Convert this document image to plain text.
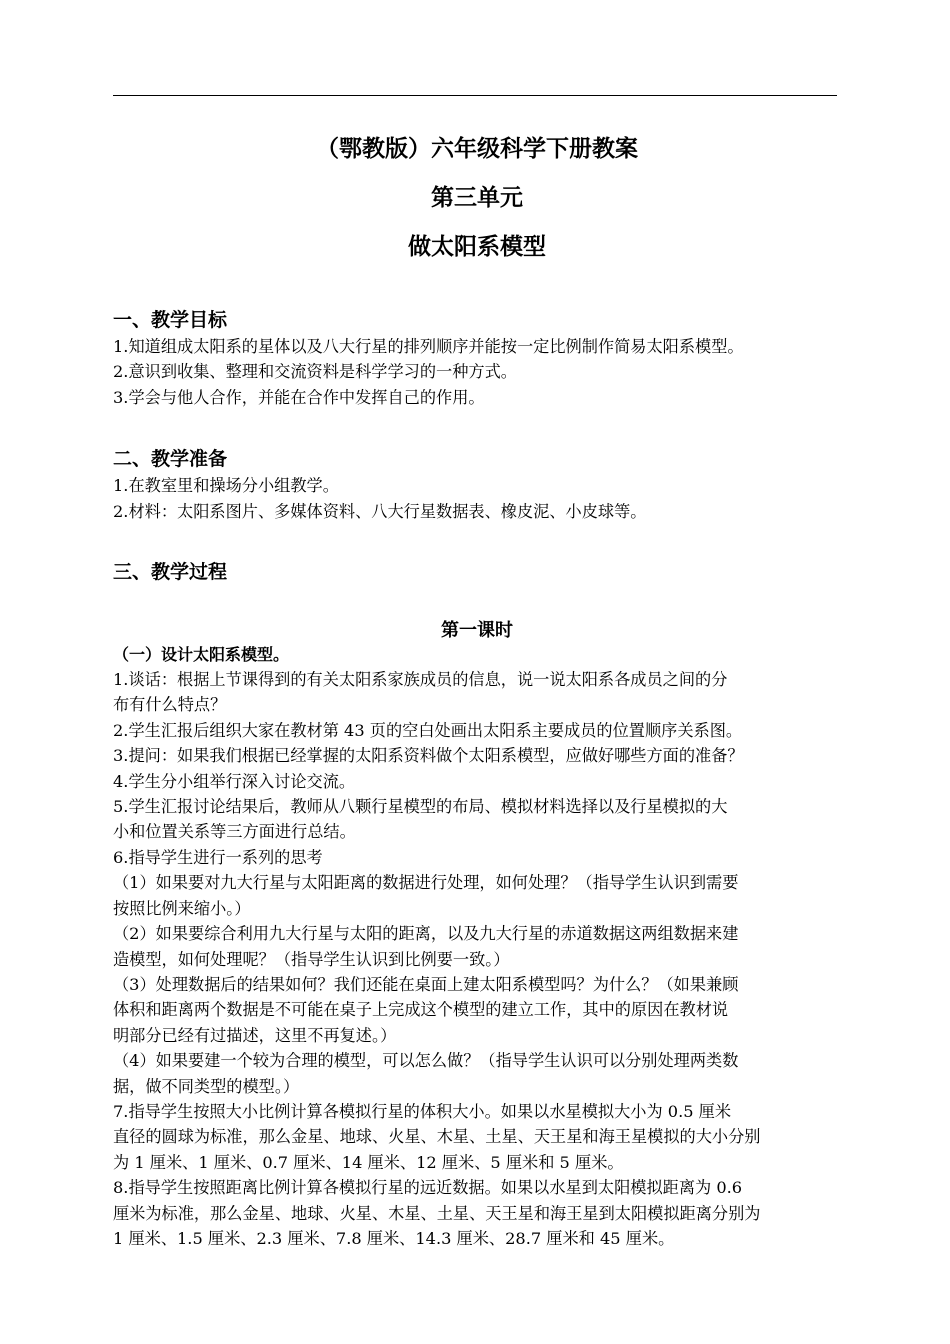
（鄂教版）六年级科学下册教案
第三单元
做太阳系模型
一、教学目标

1.知道组成太阳系的星体以及八大行星的排列顺序并能按一定比例制作简易太阳系模型。

2.意识到收集、整理和交流资料是科学学习的一种方式。

3.学会与他人合作，并能在合作中发挥自己的作用。

二、教学准备

1.在教室里和操场分小组教学。

2.材料：太阳系图片、多媒体资料、八大行星数据表、橡皮泥、小皮球等。

三、教学过程
第一课时

（一）设计太阳系模型。

1.谈话：根据上节课得到的有关太阳系家族成员的信息，说一说太阳系各成员之间的分

布有什么特点？

2.学生汇报后组织大家在教材第 43 页的空白处画出太阳系主要成员的位置顺序关系图。

3.提问：如果我们根据已经掌握的太阳系资料做个太阳系模型，应做好哪些方面的准备？

4.学生分小组举行深入讨论交流。

5.学生汇报讨论结果后，教师从八颗行星模型的布局、模拟材料选择以及行星模拟的大

小和位置关系等三方面进行总结。

6.指导学生进行一系列的思考

（1）如果要对九大行星与太阳距离的数据进行处理，如何处理？（指导学生认识到需要

按照比例来缩小。）

（2）如果要综合利用九大行星与太阳的距离，以及九大行星的赤道数据这两组数据来建

造模型，如何处理呢？（指导学生认识到比例要一致。）

（3）处理数据后的结果如何？我们还能在桌面上建太阳系模型吗？为什么？（如果兼顾

体积和距离两个数据是不可能在桌子上完成这个模型的建立工作，其中的原因在教材说

明部分已经有过描述，这里不再复述。）

（4）如果要建一个较为合理的模型，可以怎么做？（指导学生认识可以分别处理两类数

据，做不同类型的模型。）

7.指导学生按照大小比例计算各模拟行星的体积大小。如果以水星模拟大小为 0.5 厘米

直径的圆球为标准，那么金星、地球、火星、木星、土星、天王星和海王星模拟的大小分别

为 1 厘米、1 厘米、0.7 厘米、14 厘米、12 厘米、5 厘米和 5 厘米。

8.指导学生按照距离比例计算各模拟行星的远近数据。如果以水星到太阳模拟距离为 0.6

厘米为标准，那么金星、地球、火星、木星、土星、天王星和海王星到太阳模拟距离分别为

1 厘米、1.5 厘米、2.3 厘米、7.8 厘米、14.3 厘米、28.7 厘米和 45 厘米。
